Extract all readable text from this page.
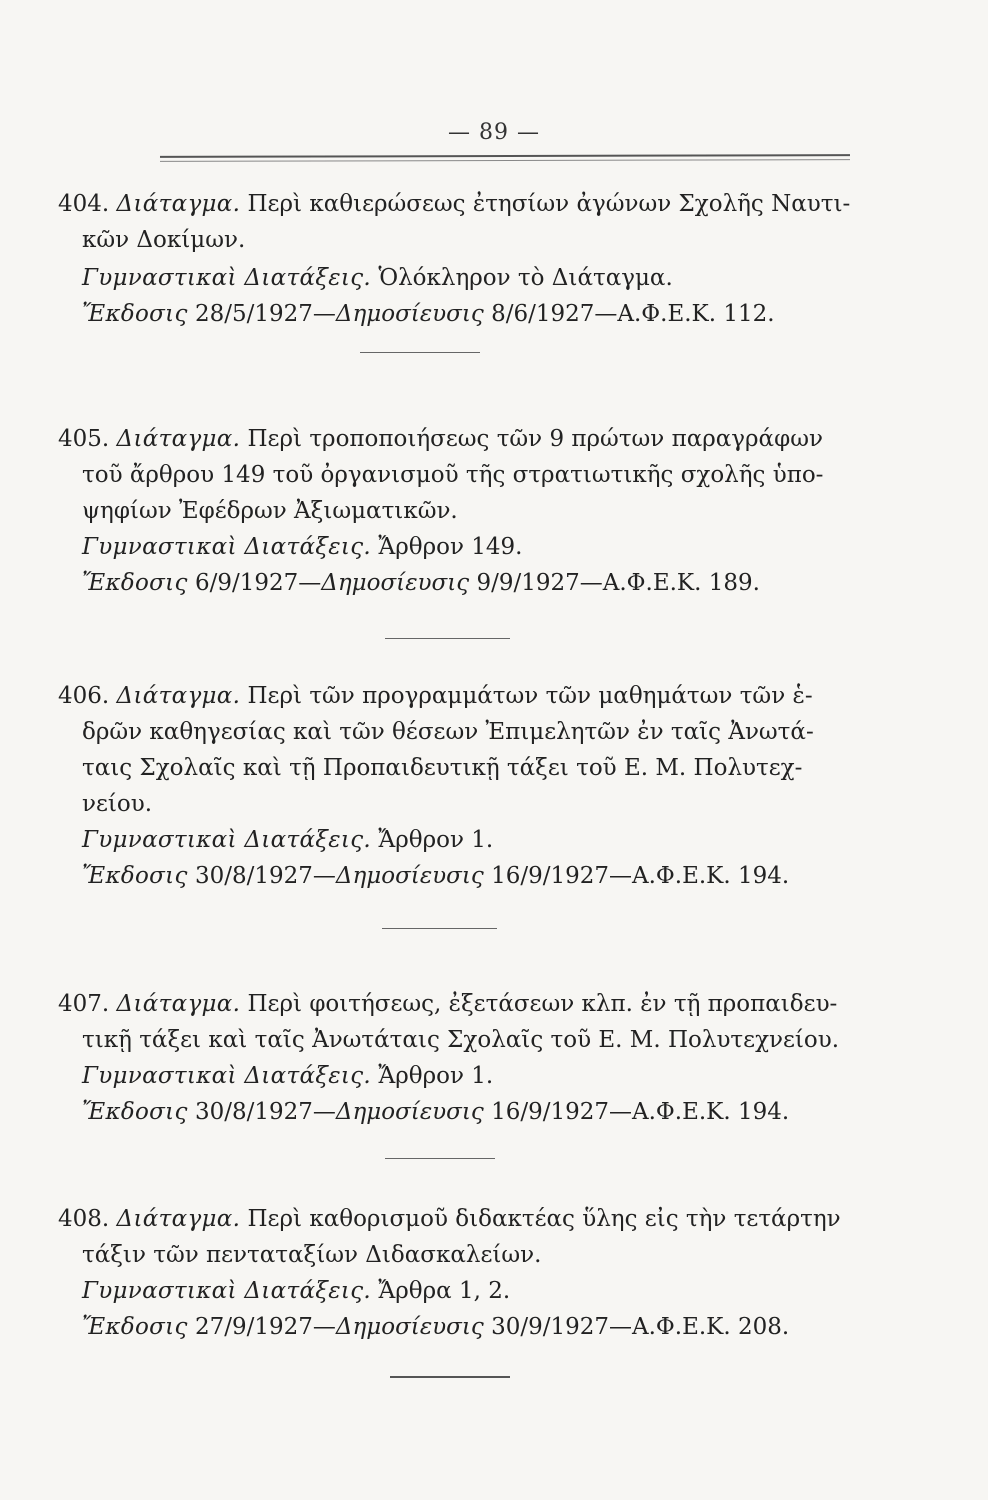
— 89 —
404. Διάταγμα. Περὶ καθιερώσεως ἐτησίων ἀγώνων Σχολῆς Ναυτι-
κῶν Δοκίμων.
Γυμναστικαὶ Διατάξεις. Ὁλόκληρον τὸ Διάταγμα.
Ἔκδοσις 28/5/1927—Δημοσίευσις 8/6/1927—Α.Φ.Ε.Κ. 112.
405. Διάταγμα. Περὶ τροποποιήσεως τῶν 9 πρώτων παραγράφων
τοῦ ἄρθρου 149 τοῦ ὀργανισμοῦ τῆς στρατιωτικῆς σχολῆς ὑπο-
ψηφίων Ἐφέδρων Ἀξιωματικῶν.
Γυμναστικαὶ Διατάξεις. Ἄρθρον 149.
Ἔκδοσις 6/9/1927—Δημοσίευσις 9/9/1927—Α.Φ.Ε.Κ. 189.
406. Διάταγμα. Περὶ τῶν προγραμμάτων τῶν μαθημάτων τῶν ἑ-
δρῶν καθηγεσίας καὶ τῶν θέσεων Ἐπιμελητῶν ἐν ταῖς Ἀνωτά-
ταις Σχολαῖς καὶ τῇ Προπαιδευτικῇ τάξει τοῦ Ε. Μ. Πολυτεχ-
νείου.
Γυμναστικαὶ Διατάξεις. Ἄρθρον 1.
Ἔκδοσις 30/8/1927—Δημοσίευσις 16/9/1927—Α.Φ.Ε.Κ. 194.
407. Διάταγμα. Περὶ φοιτήσεως, ἐξετάσεων κλπ. ἐν τῇ προπαιδευ-
τικῇ τάξει καὶ ταῖς Ἀνωτάταις Σχολαῖς τοῦ Ε. Μ. Πολυτεχνείου.
Γυμναστικαὶ Διατάξεις. Ἄρθρον 1.
Ἔκδοσις 30/8/1927—Δημοσίευσις 16/9/1927—Α.Φ.Ε.Κ. 194.
408. Διάταγμα. Περὶ καθορισμοῦ διδακτέας ὕλης εἰς τὴν τετάρτην
τάξιν τῶν πενταταξίων Διδασκαλείων.
Γυμναστικαὶ Διατάξεις. Ἄρθρα 1, 2.
Ἔκδοσις 27/9/1927—Δημοσίευσις 30/9/1927—Α.Φ.Ε.Κ. 208.
